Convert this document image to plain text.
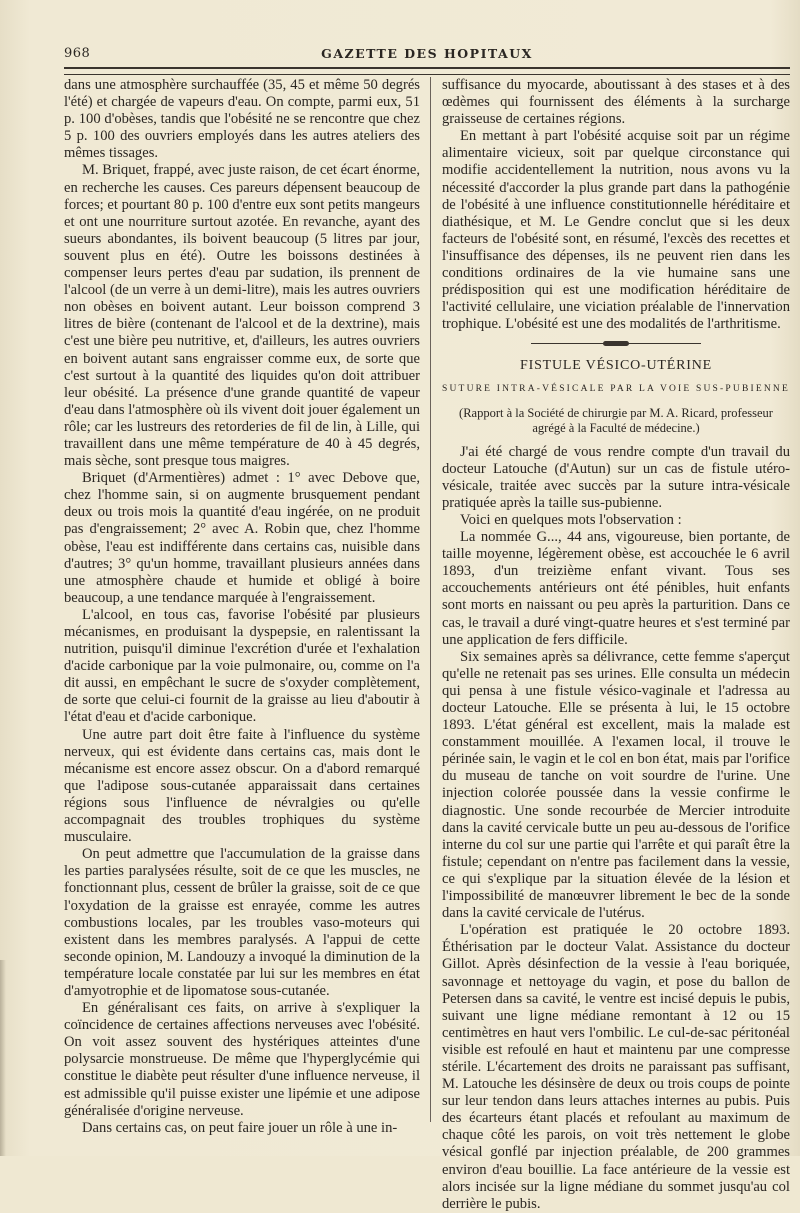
968	GAZETTE DES HOPITAUX

dans une atmosphère surchauffée (35, 45 et même 50 degrés l'été) et chargée de vapeurs d'eau. On compte, parmi eux, 51 p. 100 d'obèses, tandis que l'obésité ne se rencontre que chez 5 p. 100 des ouvriers employés dans les autres ateliers des mêmes tissages.

M. Briquet, frappé, avec juste raison, de cet écart énorme, en recherche les causes. Ces pareurs dépensent beaucoup de forces; et pourtant 80 p. 100 d'entre eux sont petits mangeurs et ont une nourriture surtout azotée. En revanche, ayant des sueurs abondantes, ils boivent beaucoup (5 litres par jour, souvent plus en été). Outre les boissons destinées à compenser leurs pertes d'eau par sudation, ils prennent de l'alcool (de un verre à un demi-litre), mais les autres ouvriers non obèses en boivent autant. Leur boisson comprend 3 litres de bière (contenant de l'alcool et de la dextrine), mais c'est une bière peu nutritive, et, d'ailleurs, les autres ouvriers en boivent autant sans engraisser comme eux, de sorte que c'est surtout à la quantité des liquides qu'on doit attribuer leur obésité. La présence d'une grande quantité de vapeur d'eau dans l'atmosphère où ils vivent doit jouer également un rôle; car les lustreurs des retorderies de fil de lin, à Lille, qui travaillent dans une même température de 40 à 45 degrés, mais sèche, sont presque tous maigres.

Briquet (d'Armentières) admet : 1° avec Debove que, chez l'homme sain, si on augmente brusquement pendant deux ou trois mois la quantité d'eau ingérée, on ne produit pas d'engraissement; 2° avec A. Robin que, chez l'homme obèse, l'eau est indifférente dans certains cas, nuisible dans d'autres; 3° qu'un homme, travaillant plusieurs années dans une atmosphère chaude et humide et obligé à boire beaucoup, a une tendance marquée à l'engraissement.

L'alcool, en tous cas, favorise l'obésité par plusieurs mécanismes, en produisant la dyspepsie, en ralentissant la nutrition, puisqu'il diminue l'excrétion d'urée et l'exhalation d'acide carbonique par la voie pulmonaire, ou, comme on l'a dit aussi, en empêchant le sucre de s'oxyder complètement, de sorte que celui-ci fournit de la graisse au lieu d'aboutir à l'état d'eau et d'acide carbonique.

Une autre part doit être faite à l'influence du système nerveux, qui est évidente dans certains cas, mais dont le mécanisme est encore assez obscur. On a d'abord remarqué que l'adipose sous-cutanée apparaissait dans certaines régions sous l'influence de névralgies ou qu'elle accompagnait des troubles trophiques du système musculaire.

On peut admettre que l'accumulation de la graisse dans les parties paralysées résulte, soit de ce que les muscles, ne fonctionnant plus, cessent de brûler la graisse, soit de ce que l'oxydation de la graisse est enrayée, comme les autres combustions locales, par les troubles vaso-moteurs qui existent dans les membres paralysés. A l'appui de cette seconde opinion, M. Landouzy a invoqué la diminution de la température locale constatée par lui sur les membres en état d'amyotrophie et de lipomatose sous-cutanée.

En généralisant ces faits, on arrive à s'expliquer la coïncidence de certaines affections nerveuses avec l'obésité. On voit assez souvent des hystériques atteintes d'une polysarcie monstrueuse. De même que l'hyperglycémie qui constitue le diabète peut résulter d'une influence nerveuse, il est admissible qu'il puisse exister une lipémie et une adipose généralisée d'origine nerveuse.

Dans certains cas, on peut faire jouer un rôle à une in-

suffisance du myocarde, aboutissant à des stases et à des œdèmes qui fournissent des éléments à la surcharge graisseuse de certaines régions.

En mettant à part l'obésité acquise soit par un régime alimentaire vicieux, soit par quelque circonstance qui modifie accidentellement la nutrition, nous avons vu la nécessité d'accorder la plus grande part dans la pathogénie de l'obésité à une influence constitutionnelle héréditaire et diathésique, et M. Le Gendre conclut que si les deux facteurs de l'obésité sont, en résumé, l'excès des recettes et l'insuffisance des dépenses, ils ne peuvent rien dans les conditions ordinaires de la vie humaine sans une prédisposition qui est une modification héréditaire de l'activité cellulaire, une viciation préalable de l'innervation trophique. L'obésité est une des modalités de l'arthritisme.

FISTULE VÉSICO-UTÉRINE
SUTURE INTRA-VÉSICALE PAR LA VOIE SUS-PUBIENNE
(Rapport à la Société de chirurgie par M. A. Ricard, professeur agrégé à la Faculté de médecine.)

J'ai été chargé de vous rendre compte d'un travail du docteur Latouche (d'Autun) sur un cas de fistule utéro-vésicale, traitée avec succès par la suture intra-vésicale pratiquée après la taille sus-pubienne.

Voici en quelques mots l'observation :

La nommée G..., 44 ans, vigoureuse, bien portante, de taille moyenne, légèrement obèse, est accouchée le 6 avril 1893, d'un treizième enfant vivant. Tous ses accouchements antérieurs ont été pénibles, huit enfants sont morts en naissant ou peu après la parturition. Dans ce cas, le travail a duré vingt-quatre heures et s'est terminé par une application de fers difficile.

Six semaines après sa délivrance, cette femme s'aperçut qu'elle ne retenait pas ses urines. Elle consulta un médecin qui pensa à une fistule vésico-vaginale et l'adressa au docteur Latouche. Elle se présenta à lui, le 15 octobre 1893. L'état général est excellent, mais la malade est constamment mouillée. A l'examen local, il trouve le périnée sain, le vagin et le col en bon état, mais par l'orifice du museau de tanche on voit sourdre de l'urine. Une injection colorée poussée dans la vessie confirme le diagnostic. Une sonde recourbée de Mercier introduite dans la cavité cervicale butte un peu au-dessous de l'orifice interne du col sur une partie qui l'arrête et qui paraît être la fistule; cependant on n'entre pas facilement dans la vessie, ce qui s'explique par la situation élevée de la lésion et l'impossibilité de manœuvrer librement le bec de la sonde dans la cavité cervicale de l'utérus.

L'opération est pratiquée le 20 octobre 1893. Éthérisation par le docteur Valat. Assistance du docteur Gillot. Après désinfection de la vessie à l'eau boriquée, savonnage et nettoyage du vagin, et pose du ballon de Petersen dans sa cavité, le ventre est incisé depuis le pubis, suivant une ligne médiane remontant à 12 ou 15 centimètres en haut vers l'ombilic. Le cul-de-sac péritonéal visible est refoulé en haut et maintenu par une compresse stérile. L'écartement des droits ne paraissant pas suffisant, M. Latouche les désinsère de deux ou trois coups de pointe sur leur tendon dans leurs attaches internes au pubis. Puis des écarteurs étant placés et refoulant au maximum de chaque côté les parois, on voit très nettement le globe vésical gonflé par injection préalable, de 200 grammes environ d'eau bouillie. La face antérieure de la vessie est alors incisée sur la ligne médiane du sommet jusqu'au col derrière le pubis.
